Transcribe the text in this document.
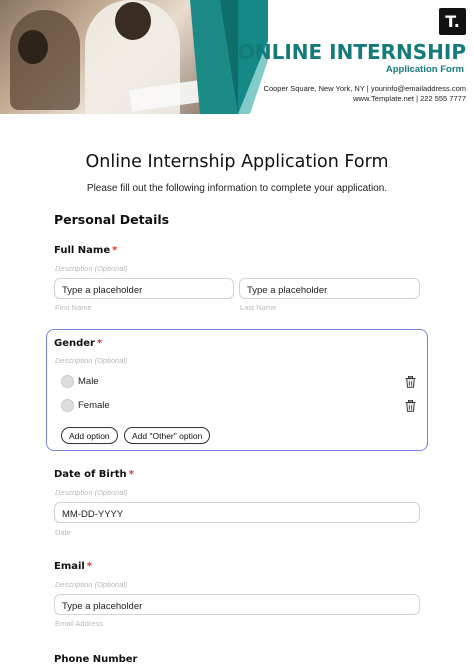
T.
ONLINE INTERNSHIP
Application Form
Cooper Square, New York, NY | yourinfo@emailaddress.com
www.Template.net | 222 555 7777
Online Internship Application Form
Please fill out the following information to complete your application.
Personal Details
Full Name *
Description (Optional)
Type a placeholder	Type a placeholder
First Name	Last Name
Gender *
Description (Optional)
Male
Female
Add option	Add "Other" option
Date of Birth *
Description (Optional)
MM-DD-YYYY
Date
Email *
Description (Optional)
Type a placeholder
Email Address
Phone Number
